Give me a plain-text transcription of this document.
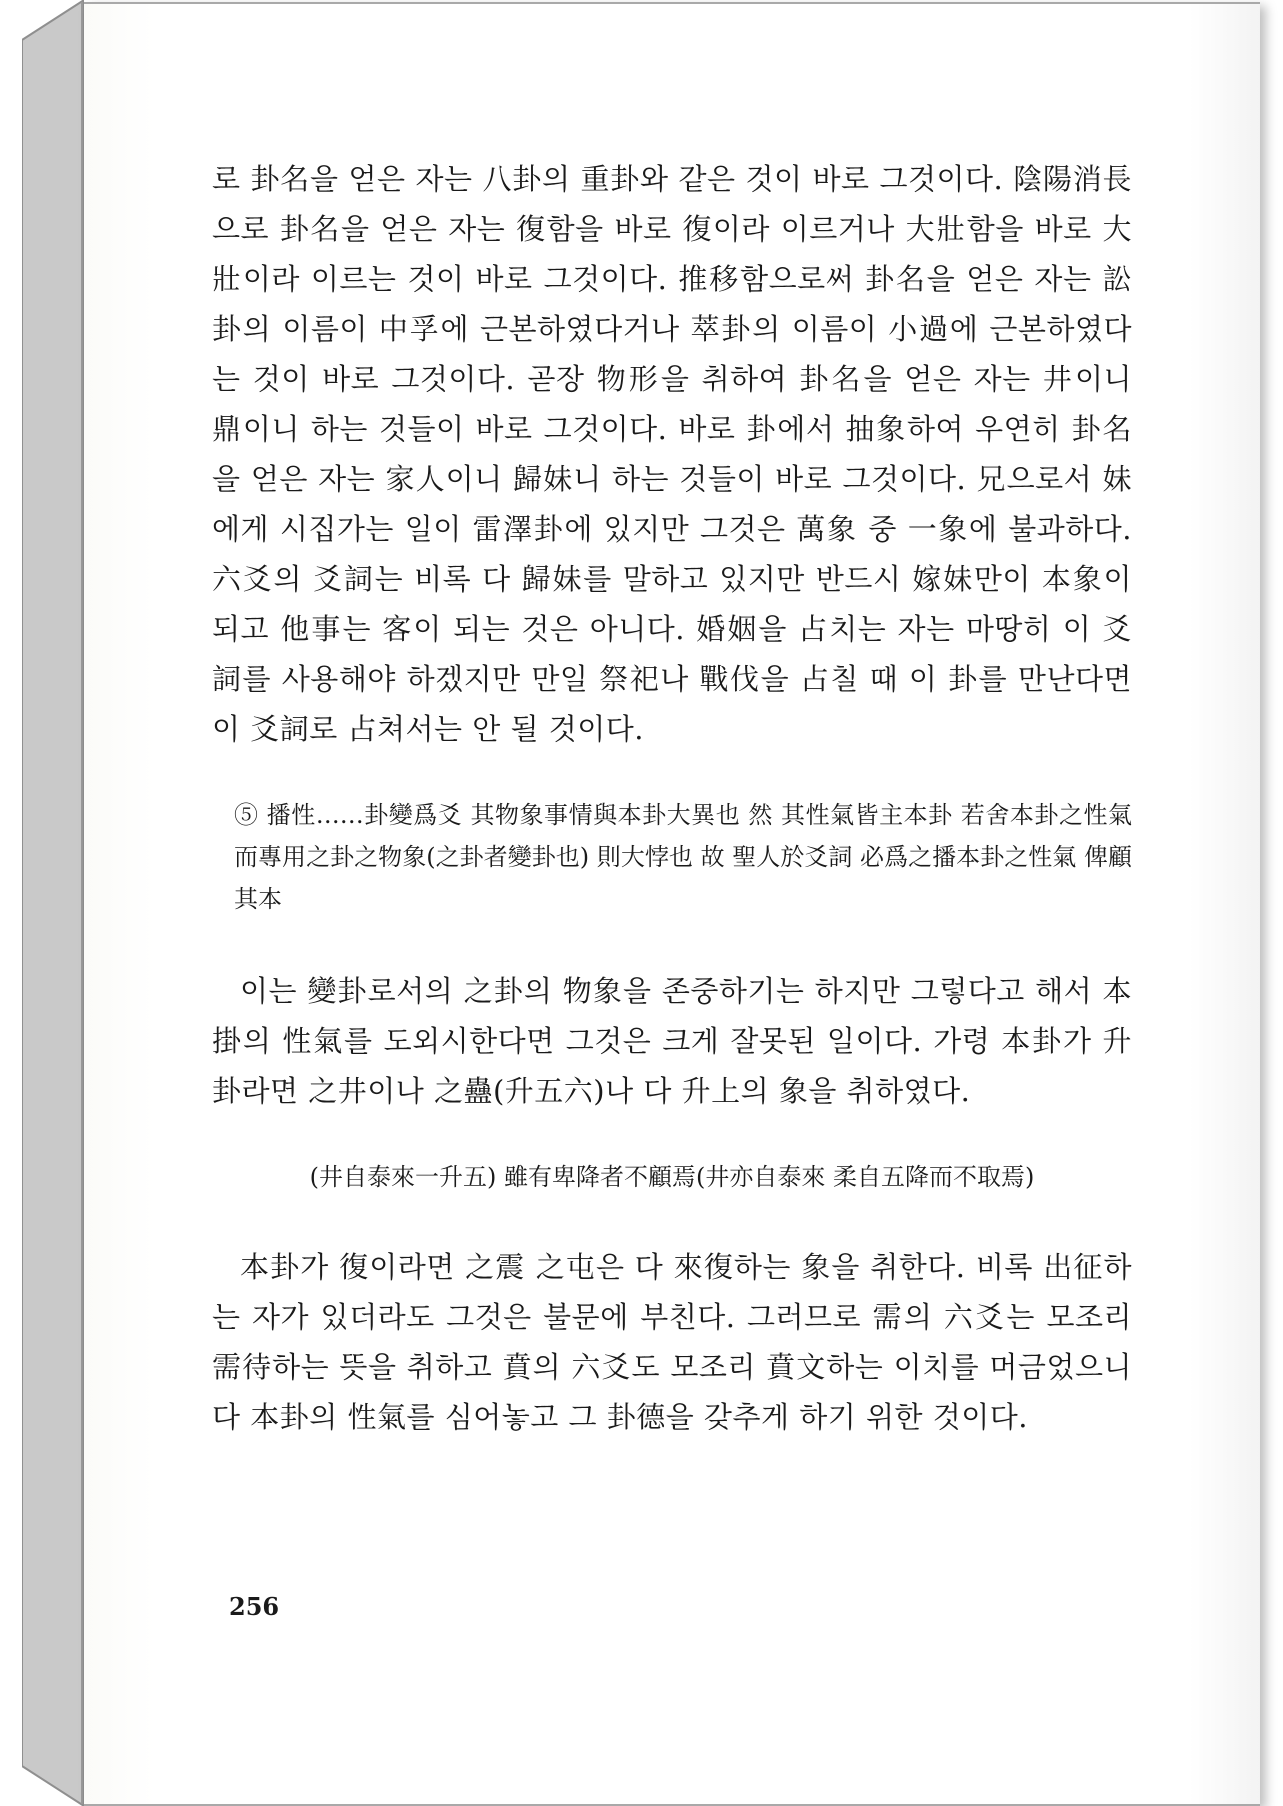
로 卦名을 얻은 자는 八卦의 重卦와 같은 것이 바로 그것이다. 陰陽消長으로 卦名을 얻은 자는 復함을 바로 復이라 이르거나 大壯함을 바로 大壯이라 이르는 것이 바로 그것이다. 推移함으로써 卦名을 얻은 자는 訟卦의 이름이 中孚에 근본하였다거나 萃卦의 이름이 小過에 근본하였다는 것이 바로 그것이다. 곧장 物形을 취하여 卦名을 얻은 자는 井이니 鼎이니 하는 것들이 바로 그것이다. 바로 卦에서 抽象하여 우연히 卦名을 얻은 자는 家人이니 歸妹니 하는 것들이 바로 그것이다. 兄으로서 妹에게 시집가는 일이 雷澤卦에 있지만 그것은 萬象 중 一象에 불과하다. 六爻의 爻詞는 비록 다 歸妹를 말하고 있지만 반드시 嫁妹만이 本象이 되고 他事는 客이 되는 것은 아니다. 婚姻을 占치는 자는 마땅히 이 爻詞를 사용해야 하겠지만 만일 祭祀나 戰伐을 占칠 때 이 卦를 만난다면 이 爻詞로 占쳐서는 안 될 것이다.

⑤ 播性……卦變爲爻 其物象事情與本卦大異也 然 其性氣皆主本卦 若舍本卦之性氣 而專用之卦之物象(之卦者變卦也) 則大悖也 故 聖人於爻詞 必爲之播本卦之性氣 俾顧其本

이는 變卦로서의 之卦의 物象을 존중하기는 하지만 그렇다고 해서 本掛의 性氣를 도외시한다면 그것은 크게 잘못된 일이다. 가령 本卦가 升卦라면 之井이나 之蠱(升五六)나 다 升上의 象을 취하였다.

(井自泰來一升五) 雖有卑降者不顧焉(井亦自泰來 柔自五降而不取焉)

本卦가 復이라면 之震 之屯은 다 來復하는 象을 취한다. 비록 出征하는 자가 있더라도 그것은 불문에 부친다. 그러므로 需의 六爻는 모조리 需待하는 뜻을 취하고 賁의 六爻도 모조리 賁文하는 이치를 머금었으니 다 本卦의 性氣를 심어놓고 그 卦德을 갖추게 하기 위한 것이다.

256
